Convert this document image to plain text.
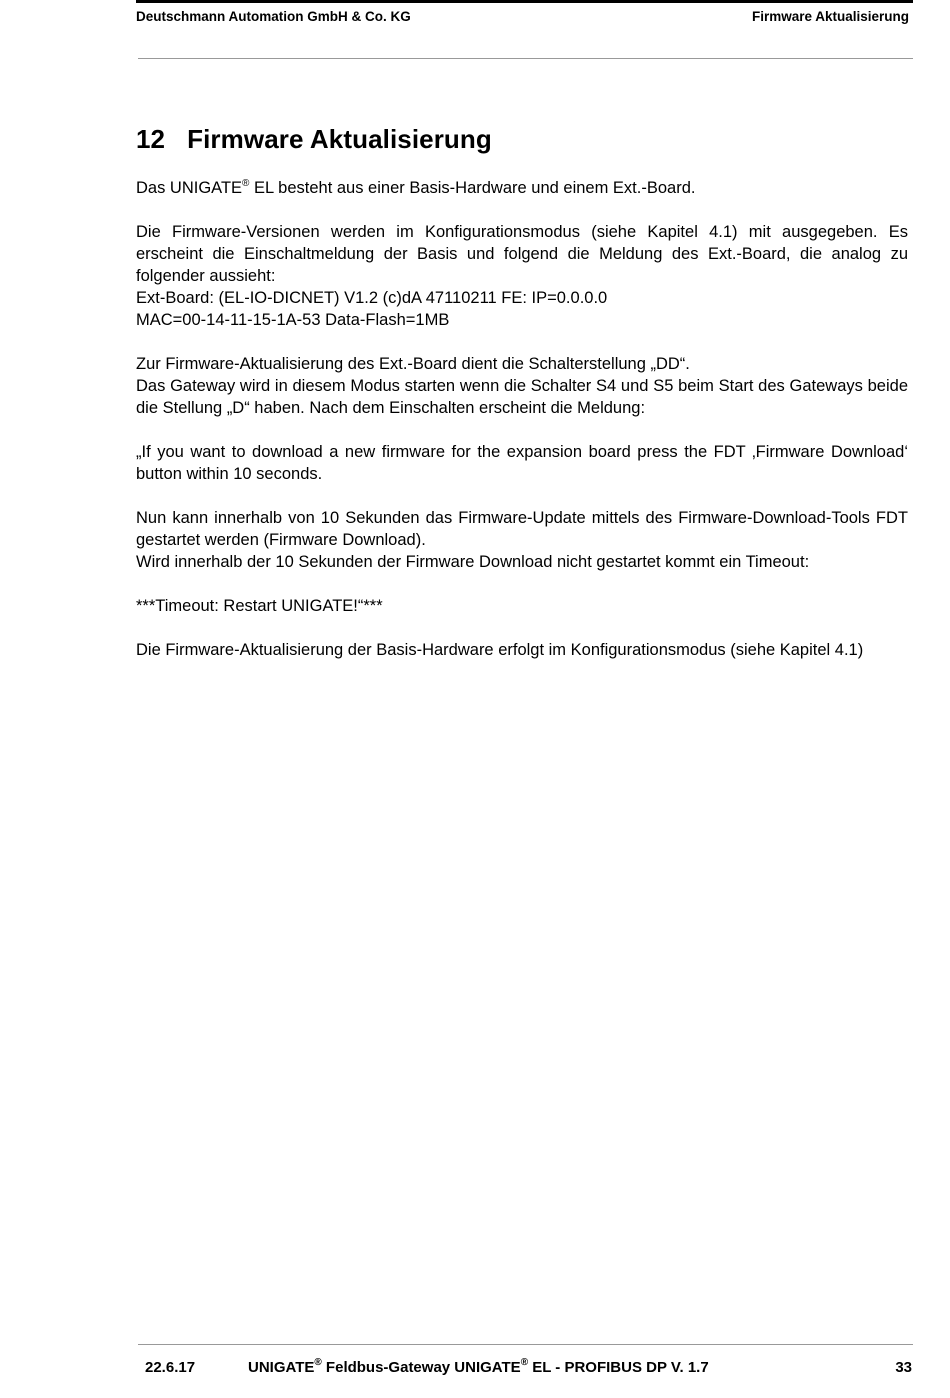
Deutschmann Automation GmbH & Co. KG	Firmware Aktualisierung
12 Firmware Aktualisierung

Das UNIGATE® EL besteht aus einer Basis-Hardware und einem Ext.-Board.

Die Firmware-Versionen werden im Konfigurationsmodus (siehe Kapitel 4.1) mit ausgegeben. Es erscheint die Einschaltmeldung der Basis und folgend die Meldung des Ext.-Board, die analog zu folgender aussieht:

Ext-Board: (EL-IO-DICNET) V1.2 (c)dA 47110211 FE: IP=0.0.0.0

MAC=00-14-11-15-1A-53 Data-Flash=1MB

Zur Firmware-Aktualisierung des Ext.-Board dient die Schalterstellung „DD“.

Das Gateway wird in diesem Modus starten wenn die Schalter S4 und S5 beim Start des Gateways beide die Stellung „D“ haben. Nach dem Einschalten erscheint die Meldung:

„If you want to download a new firmware for the expansion board press the FDT ‚Firmware Download‘ button within 10 seconds.

Nun kann innerhalb von 10 Sekunden das Firmware-Update mittels des Firmware-Download-Tools FDT gestartet werden (Firmware Download).

Wird innerhalb der 10 Sekunden der Firmware Download nicht gestartet kommt ein Timeout:

***Timeout: Restart UNIGATE!“***

Die Firmware-Aktualisierung der Basis-Hardware erfolgt im Konfigurationsmodus (siehe Kapitel 4.1)

22.6.17	UNIGATE® Feldbus-Gateway UNIGATE® EL - PROFIBUS DP V. 1.7	33
